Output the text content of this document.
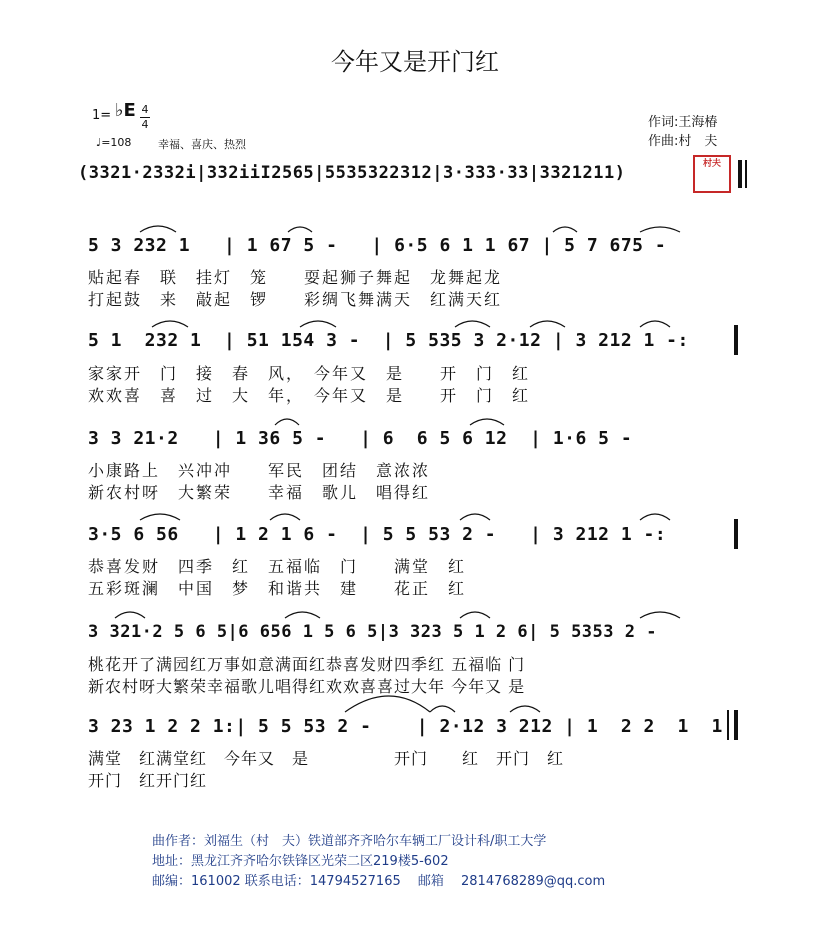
今年又是开门红
1= ♭E 4
4
♩=108 幸福、喜庆、热烈
作词:王海椿
作曲:村　夫
(3321·2332i|332iiI2565|5535322312|3·333·33|3321211)	村夫
5 3 232 1   | 1 67 5 -   | 6·5 6 1 1 67 | 5 7 675 -
贴起春　联　挂灯　笼　　耍起狮子舞起　龙舞起龙
打起鼓　来　敲起　锣　　彩绸飞舞满天　红满天红
5 1  232 1  | 51 154 3 -  | 5 535 3 2·12 | 3 212 1 -:
家家开　门　接　春　风，　今年又　是　　开　门　红
欢欢喜　喜　过　大　年，　今年又　是　　开　门　红
3 3 21·2   | 1 36 5 -   | 6  6 5 6 12  | 1·6 5 -
小康路上　兴冲冲　　军民　团结　意浓浓
新农村呀　大繁荣　　幸福　歌儿　唱得红
3·5 6 56   | 1 2 1 6 -  | 5 5 53 2 -   | 3 212 1 -:
恭喜发财　四季　红　五福临　门　　满堂　红
五彩斑澜　中国　梦　和谐共　建　　花正　红
3 321·2 5 6 5|6 656 1 5 6 5|3 323 5 1 2 6| 5 5353 2 -
桃花开了满园红万事如意满面红恭喜发财四季红 五福临 门
新农村呀大繁荣幸福歌儿唱得红欢欢喜喜过大年 今年又 是
3 23 1 2 2 1:| 5 5 53 2 -    | 2·12 3 212 | 1  2 2  1  1
满堂　红满堂红　今年又　是　　　　　开门　　红　开门　红
开门　红开门红
曲作者：刘福生（村　夫）铁道部齐齐哈尔车辆工厂设计科/职工大学
地址：黑龙江齐齐哈尔铁锋区光荣二区219楼5-602
邮编：161002 联系电话：14794527165　 邮箱　 2814768289@qq.com
